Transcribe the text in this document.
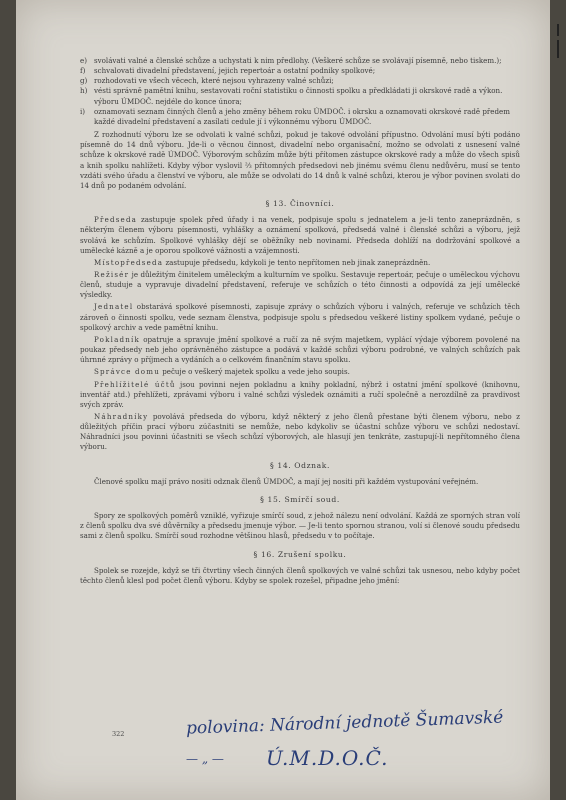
e) svolávati valné a členské schůze a uchystati k nim předlohy. (Veškeré schůze se svolávají písemně, nebo tiskem.);
f)	schvalovati divadelní představení, jejich repertoár a ostatní podniky spolkové;
g) rozhodovati ve všech věcech, které nejsou vyhrazeny valné schůzi;
h) vésti správně pamětní knihu, sestavovati roční statistiku o činnosti spolku a předkládati ji okrskové radě a výkon. výboru ÚMDOČ. nejdéle do konce února;
i)	oznamovati seznam činných členů a jeho změny během roku ÚMDOČ. i okrsku a oznamovati okrskové radě předem každé divadelní představení a zasílati cedule jí i výkonnému výboru ÚMDOČ.

Z rozhodnutí výboru lze se odvolati k valné schůzi, pokud je takové odvolání přípustno. Odvolání musí býti podáno písemně do 14 dnů výboru. Jde-li o věcnou činnost, divadelní nebo organisační, možno se odvolati z usnesení valné schůze k okrskové radě ÚMDOČ. Výborovým schůzím může býti přítomen zástupce okrskové rady a může do všech spisů a knih spolku nahlížeti. Kdyby výbor vyslovil ⅔ přítomných předsedovi neb jinému svému členu nedůvěru, musí se tento vzdáti svého úřadu a členství ve výboru, ale může se odvolati do 14 dnů k valné schůzi, kterou je výbor povinen svolati do 14 dnů po podaném odvolání.

§ 13. Činovníci.

Předseda zastupuje spolek před úřady i na venek, podpisuje spolu s jednatelem a je-li tento zaneprázdněn, s některým členem výboru písemnosti, vyhlášky a oznámení spolková, předsedá valné i členské schůzi a výboru, jejž svolává ke schůzím. Spolkové vyhlášky dějí se oběžníky neb novinami. Předseda dohlíží na dodržování spolkové a umělecké kázně a je oporou spolkové vážnosti a vzájemnosti.

Místopředseda zastupuje předsedu, kdykoli je tento nepřítomen neb jinak zaneprázdněn.

Režisér je důležitým činitelem uměleckým a kulturním ve spolku. Sestavuje repertoár, pečuje o uměleckou výchovu členů, studuje a vypravuje divadelní představení, referuje ve schůzích o této činnosti a odpovídá za její umělecké výsledky.

Jednatel obstarává spolkové písemnosti, zapisuje zprávy o schůzích výboru i valných, referuje ve schůzích těch zároveň o činnosti spolku, vede seznam členstva, podpisuje spolu s předsedou veškeré listiny spolkem vydané, pečuje o spolkový archiv a vede pamětní knihu.

Pokladník opatruje a spravuje jmění spolkové a ručí za ně svým majetkem, vyplácí výdaje výborem povolené na poukaz předsedy neb jeho oprávněného zástupce a podává v každé schůzi výboru podrobné, ve valných schůzích pak úhrnné zprávy o příjmech a vydáních a o celkovém finančním stavu spolku.

Správce domu pečuje o veškerý majetek spolku a vede jeho soupis.

Přehlížitelé účtů jsou povinni nejen pokladnu a knihy pokladní, nýbrž i ostatní jmění spolkové (knihovnu, inventář atd.) přehlížeti, zprávami výboru i valné schůzi výsledek oznámiti a ručí společně a nerozdílně za pravdivost svých zpráv.

Náhradníky povolává předseda do výboru, když některý z jeho členů přestane býti členem výboru, nebo z důležitých příčin prací výboru zúčastniti se nemůže, nebo kdykoliv se účastní schůze výboru ve schůzi nedostaví. Náhradníci jsou povinni účastniti se všech schůzí výborových, ale hlasují jen tenkráte, zastupují-li nepřítomného člena výboru.

§ 14. Odznak.

Členové spolku mají právo nositi odznak členů ÚMDOČ, a mají jej nositi při každém vystupování veřejném.

§ 15. Smírčí soud.

Spory ze spolkových poměrů vzniklé, vyřizuje smírčí soud, z jehož nálezu není odvolání. Každá ze sporných stran volí z členů spolku dva své důvěrníky a předsedu jmenuje výbor. — Je-li tento spornou stranou, volí si členové soudu předsedu sami z členů spolku. Smírčí soud rozhodne většinou hlasů, předsedu v to počítaje.

§ 16. Zrušení spolku.

Spolek se rozejde, když se tři čtvrtiny všech činných členů spolkových ve valné schůzi tak usnesou, nebo kdyby počet těchto členů klesl pod počet členů výboru. Kdyby se spolek rozešel, připadne jeho jmění:

322	polovina: Národní jednotě Šumavské
— „ — Ú.M.D.O.Č.
